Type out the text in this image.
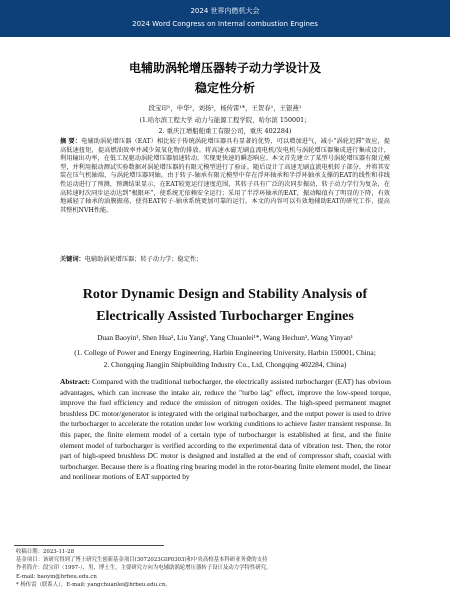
2024 世界内燃机大会
2024 Word Congress on Internal combustion Engines
电辅助涡轮增压器转子动力学设计及
稳定性分析
段宝印¹，申华²，刘扬²，杨传雷¹*，王贺春¹，王银燕¹
(1.哈尔滨工程大学 动力与能源工程学院，哈尔滨 150001；
2. 重庆江增船舶重工有限公司，重庆 402284)
摘 要：电辅助涡轮增压器（EAT）相比较于传统涡轮增压器具有显著的优势，可以增加进气，减小“涡轮迟滞”效应，提高低速扭矩，提高燃油效率并减少氮氧化物的排放。将高速永磁无刷直流电机/发电机与涡轮增压器集成进行集成设计，利用输出功率，在低工况驱动涡轮增压器加速转动，实现更快速的瞬态响应。本文首先建立了某型号涡轮增压器有限元模型，并利用振动测试实验数据对涡轮增压器的有限元模型进行了验证。随后设计了高速无刷直流电机转子部分，并将其安装在压气机轴端，与涡轮增压器同轴。由于转子-轴承有限元模型中存在浮环轴承和半浮环轴承支撑的EAT的线性和非线性运动进行了预测，预测结果显示，在EAT较宽运行速度范围，其转子具有广泛的次同步振动，转子动力学行为复杂，在高转速时次同步运动达到“极限环”，使系统无依赖安全运行；采用了半浮环轴承的EAT，振动幅值有了明显的下降，有效地减轻了轴承的油膜振荡，使得EAT转子-轴承系统更加可靠的运行。本文的内容可以有效地辅助EAT的研究工作，提高其整机NVH性能。
关键词：电辅助涡轮增压器；转子动力学；稳定性；
Rotor Dynamic Design and Stability Analysis of
Electrically Assisted Turbocharger Engines
Duan Baoyin¹, Shen Hua², Liu Yang², Yang Chuanlei¹*, Wang Hechun¹, Wang Yinyan¹
(1. College of Power and Energy Engineering, Harbin Engineering University, Harbin 150001, China;
2. Chongqing Jiangjin Shipbuilding Industry Co., Ltd, Chongqing 402284, China)
Abstract: Compared with the traditional turbocharger, the electrically assisted turbocharger (EAT) has obvious advantages, which can increase the intake air, reduce the "turbo lag" effect, improve the low-speed torque, improve the fuel efficiency and reduce the emission of nitrogen oxides. The high-speed permanent magnet brushless DC motor/generator is integrated with the original turbocharger, and the output power is used to drive the turbocharger to accelerate the rotation under low working conditions to achieve faster transient response. In this paper, the finite element model of a certain type of turbocharger is established at first, and the finite element model of turbocharger is verified according to the experimental data of vibration test. Then, the rotor part of high-speed brushless DC motor is designed and installed at the end of compressor shaft, coaxial with turbocharger. Because there is a floating ring bearing model in the rotor-bearing finite element model, the linear and nonlinear motions of EAT supported by
收稿日期：2023-11-28
基金项目：该研究得到了博士研究生创新基金项目(3072023GIP0303)和中央高校基本科研业务费的支持
作者简介：段宝印（1997-），男，博士生，主要研究方向为电辅助涡轮增压器转子设计及动力学特性研究。
E-mail: baoyin@hrbeu.edu.cn
* 杨传雷（联系人），E-mail: yangchuanlei@hrbeu.edu.cn。
